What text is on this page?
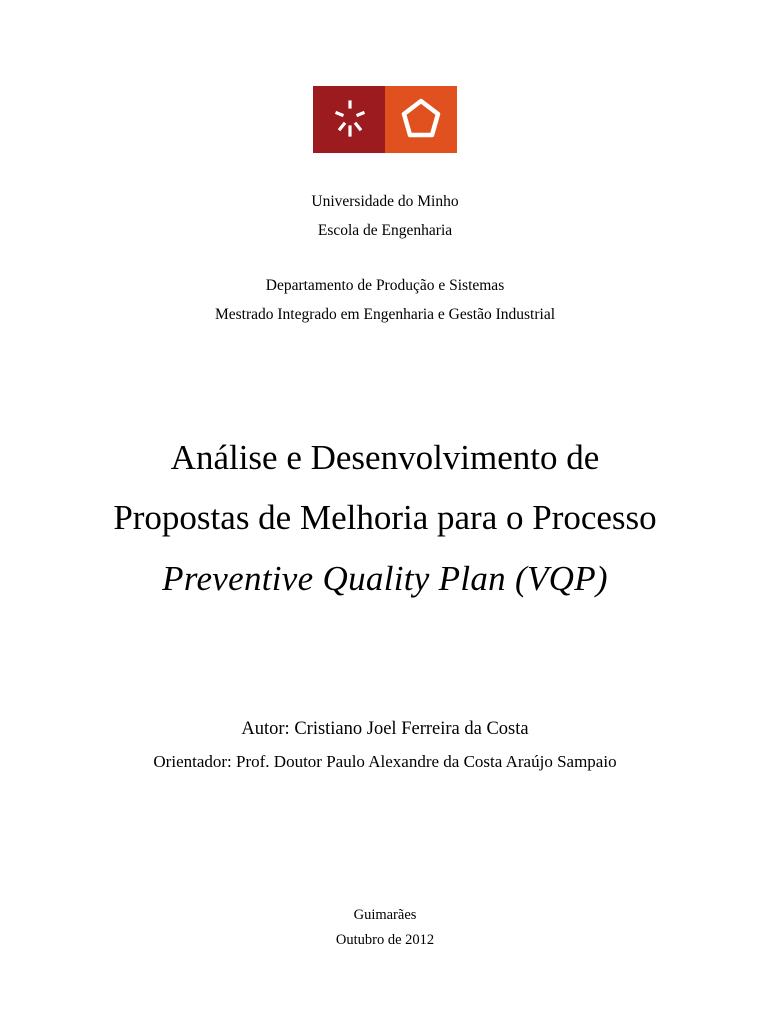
Universidade do Minho
Escola de Engenharia
Departamento de Produção e Sistemas
Mestrado Integrado em Engenharia e Gestão Industrial
Análise e Desenvolvimento de
Propostas de Melhoria para o Processo
Preventive Quality Plan (VQP)
Autor: Cristiano Joel Ferreira da Costa
Orientador: Prof. Doutor Paulo Alexandre da Costa Araújo Sampaio
Guimarães
Outubro de 2012
